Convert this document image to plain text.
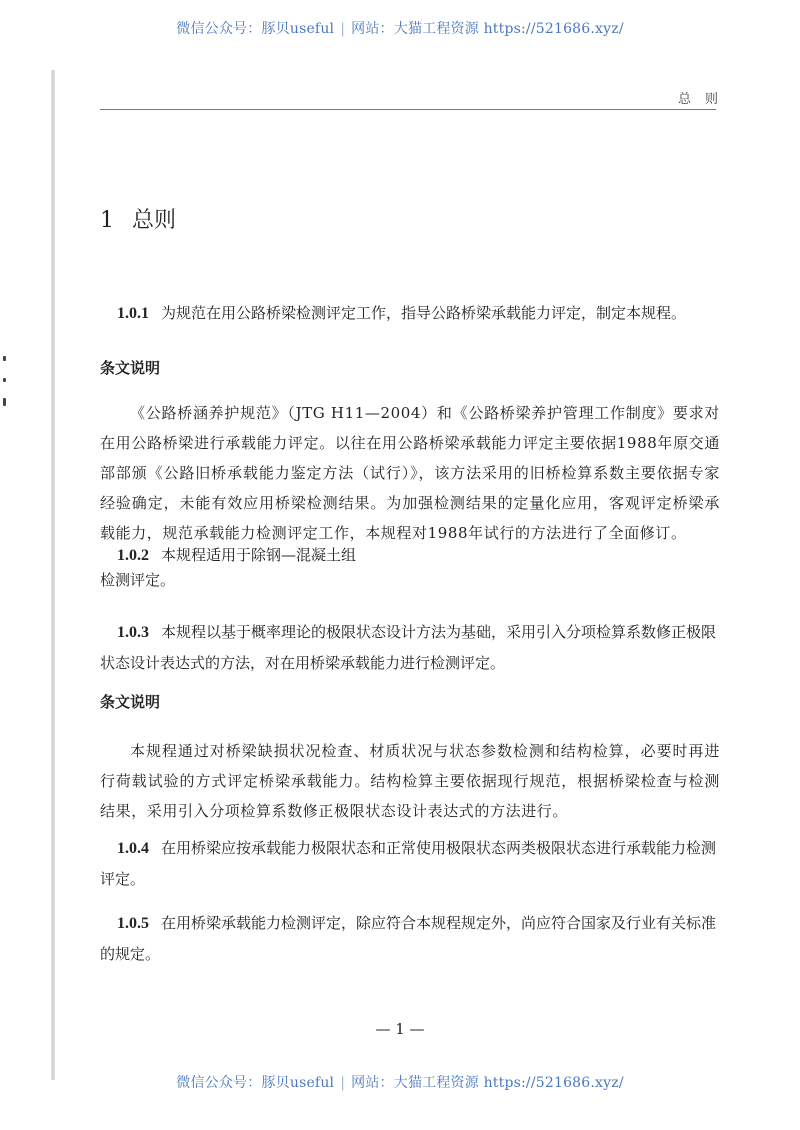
微信公众号：豚贝useful | 网站：大猫工程资源 https://521686.xyz/
总则
1 总则
1.0.1 为规范在用公路桥梁检测评定工作，指导公路桥梁承载能力评定，制定本规程。
条文说明
《公路桥涵养护规范》（JTG H11—2004）和《公路桥梁养护管理工作制度》要求对在用公路桥梁进行承载能力评定。以往在用公路桥梁承载能力评定主要依据1988年原交通部部颁《公路旧桥承载能力鉴定方法（试行）》，该方法采用的旧桥检算系数主要依据专家经验确定，未能有效应用桥梁检测结果。为加强检测结果的定量化应用，客观评定桥梁承载能力，规范承载能力检测评定工作，本规程对1988年试行的方法进行了全面修订。
1.0.2 本规程适用于除钢—混凝土组
检测评定。
1.0.3 本规程以基于概率理论的极限状态设计方法为基础，采用引入分项检算系数修正极限状态设计表达式的方法，对在用桥梁承载能力进行检测评定。
条文说明
本规程通过对桥梁缺损状况检查、材质状况与状态参数检测和结构检算，必要时再进行荷载试验的方式评定桥梁承载能力。结构检算主要依据现行规范，根据桥梁检查与检测结果，采用引入分项检算系数修正极限状态设计表达式的方法进行。
1.0.4 在用桥梁应按承载能力极限状态和正常使用极限状态两类极限状态进行承载能力检测评定。
1.0.5 在用桥梁承载能力检测评定，除应符合本规程规定外，尚应符合国家及行业有关标准的规定。
— 1 —
微信公众号：豚贝useful | 网站：大猫工程资源 https://521686.xyz/
